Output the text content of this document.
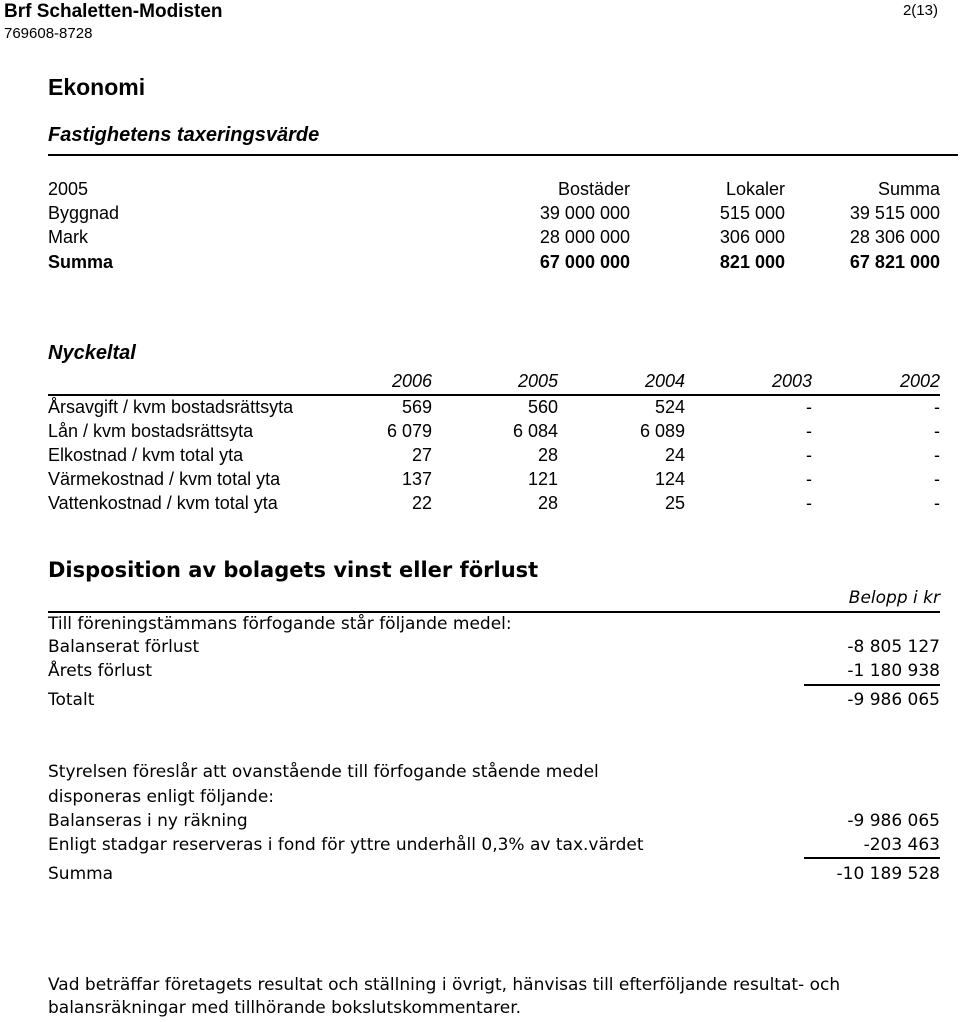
Brf Schaletten-Modisten
769608-8728
2(13)
Ekonomi
Fastighetens taxeringsvärde
2005	Bostäder	Lokaler	Summa
Byggnad	39 000 000	515 000	39 515 000
Mark	28 000 000	306 000	28 306 000
Summa	67 000 000	821 000	67 821 000
Nyckeltal
2006	2005	2004	2003	2002
Årsavgift / kvm bostadsrättsyta	569	560	524	-	-
Lån / kvm bostadsrättsyta	6 079	6 084	6 089	-	-
Elkostnad / kvm total yta	27	28	24	-	-
Värmekostnad / kvm total yta	137	121	124	-	-
Vattenkostnad / kvm total yta	22	28	25	-	-
Disposition av bolagets vinst eller förlust
Belopp i kr
Till föreningstämmans förfogande står följande medel:
Balanserat förlust	-8 805 127
Årets förlust	-1 180 938
Totalt	-9 986 065
Styrelsen föreslår att ovanstående till förfogande stående medel
disponeras enligt följande:
Balanseras i ny räkning	-9 986 065
Enligt stadgar reserveras i fond för yttre underhåll 0,3% av tax.värdet	-203 463
Summa	-10 189 528
Vad beträffar företagets resultat och ställning i övrigt, hänvisas till efterföljande resultat- och
balansräkningar med tillhörande bokslutskommentarer.
